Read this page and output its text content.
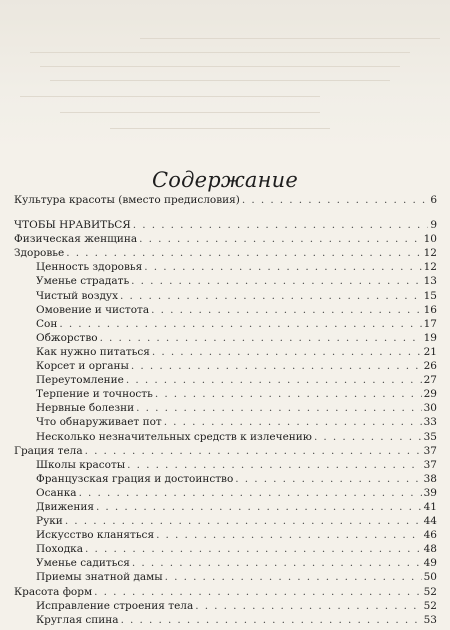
Содержание
Культура красоты (вместо предисловия) . . .	6
ЧТОБЫ НРАВИТЬСЯ . . .	9
Физическая женщина . . .	10
Здоровье . . .	12
Ценность здоровья . . .	12
Уменье страдать . . .	13
Чистый воздух . . .	15
Омовение и чистота . . .	16
Сон . . .	17
Обжорство . . .	19
Как нужно питаться . . .	21
Корсет и органы . . .	26
Переутомление . . .	27
Терпение и точность . . .	29
Нервные болезни . . .	30
Что обнаруживает пот . . .	33
Несколько незначительных средств к излечению . . .	35
Грация тела . . .	37
Школы красоты . . .	37
Французская грация и достоинство . . .	38
Осанка . . .	39
Движения . . .	41
Руки . . .	44
Искусство кланяться . . .	46
Походка . . .	48
Уменье садиться . . .	49
Приемы знатной дамы . . .	50
Красота форм . . .	52
Исправление строения тела . . .	52
Круглая спина . . .	53
